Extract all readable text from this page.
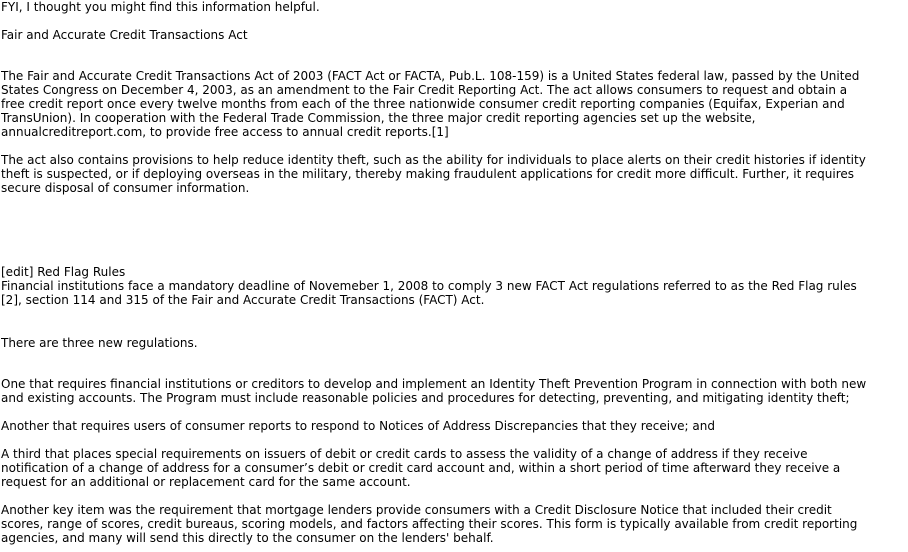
FYI, I thought you might find this information helpful.

Fair and Accurate Credit Transactions Act

The Fair and Accurate Credit Transactions Act of 2003 (FACT Act or FACTA, Pub.L. 108-159) is a United States federal law, passed by the United
States Congress on December 4, 2003, as an amendment to the Fair Credit Reporting Act. The act allows consumers to request and obtain a
free credit report once every twelve months from each of the three nationwide consumer credit reporting companies (Equifax, Experian and
TransUnion). In cooperation with the Federal Trade Commission, the three major credit reporting agencies set up the website,
annualcreditreport.com, to provide free access to annual credit reports.[1]

The act also contains provisions to help reduce identity theft, such as the ability for individuals to place alerts on their credit histories if identity
theft is suspected, or if deploying overseas in the military, thereby making fraudulent applications for credit more difficult. Further, it requires
secure disposal of consumer information.

[edit] Red Flag Rules
Financial institutions face a mandatory deadline of Novemeber 1, 2008 to comply 3 new FACT Act regulations referred to as the Red Flag rules
[2], section 114 and 315 of the Fair and Accurate Credit Transactions (FACT) Act.

There are three new regulations.

One that requires financial institutions or creditors to develop and implement an Identity Theft Prevention Program in connection with both new
and existing accounts. The Program must include reasonable policies and procedures for detecting, preventing, and mitigating identity theft;

Another that requires users of consumer reports to respond to Notices of Address Discrepancies that they receive; and

A third that places special requirements on issuers of debit or credit cards to assess the validity of a change of address if they receive
notification of a change of address for a consumer’s debit or credit card account and, within a short period of time afterward they receive a
request for an additional or replacement card for the same account.

Another key item was the requirement that mortgage lenders provide consumers with a Credit Disclosure Notice that included their credit
scores, range of scores, credit bureaus, scoring models, and factors affecting their scores. This form is typically available from credit reporting
agencies, and many will send this directly to the consumer on the lenders' behalf.
